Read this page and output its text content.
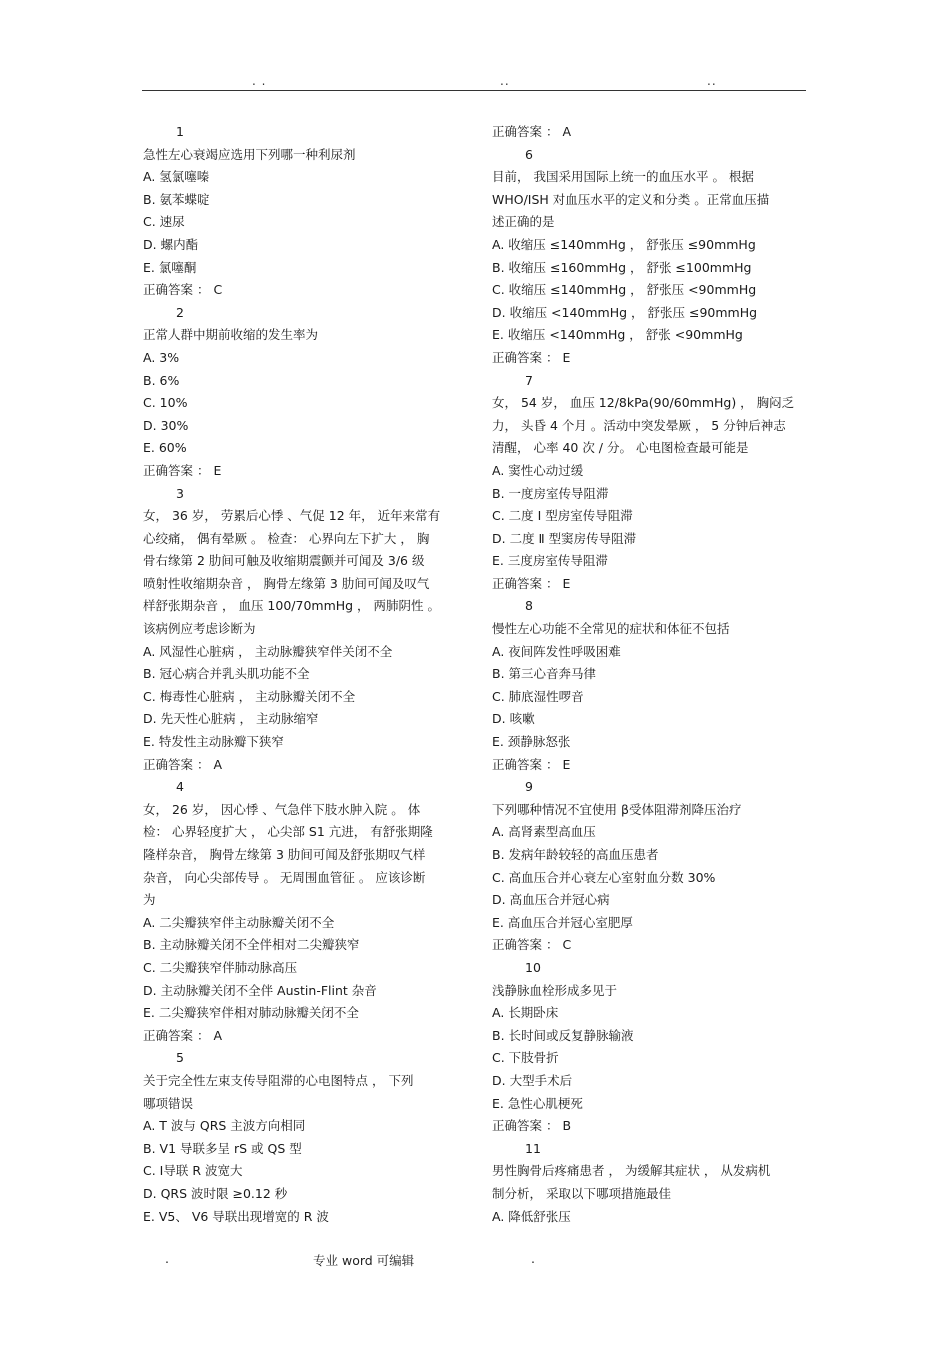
. .	..	..
1
急性左心衰竭应选用下列哪一种利尿剂
A. 氢氯噻嗪
B. 氨苯蝶啶
C. 速尿
D. 螺内酯
E. 氯噻酮
正确答案 ： C
2
正常人群中期前收缩的发生率为
A. 3%
B. 6%
C. 10%
D. 30%
E. 60%
正确答案 ： E
3
女， 36 岁， 劳累后心悸 、气促 12 年， 近年来常有
心绞痛， 偶有晕厥 。 检查： 心界向左下扩大 ， 胸
骨右缘第 2 肋间可触及收缩期震颤并可闻及 3/6 级
喷射性收缩期杂音 ， 胸骨左缘第 3 肋间可闻及叹气
样舒张期杂音 ， 血压 100/70mmHg ， 两肺阴性 。
该病例应考虑诊断为
A. 风湿性心脏病 ， 主动脉瓣狭窄伴关闭不全
B. 冠心病合并乳头肌功能不全
C. 梅毒性心脏病 ， 主动脉瓣关闭不全
D. 先天性心脏病 ， 主动脉缩窄
E. 特发性主动脉瓣下狭窄
正确答案 ： A
4
女， 26 岁， 因心悸 、气急伴下肢水肿入院 。 体
检： 心界轻度扩大 ， 心尖部 S1 亢进， 有舒张期隆
隆样杂音， 胸骨左缘第 3 肋间可闻及舒张期叹气样
杂音， 向心尖部传导 。 无周围血管征 。 应该诊断
为
A. 二尖瓣狭窄伴主动脉瓣关闭不全
B. 主动脉瓣关闭不全伴相对二尖瓣狭窄
C. 二尖瓣狭窄伴肺动脉高压
D. 主动脉瓣关闭不全伴 Austin-Flint 杂音
E. 二尖瓣狭窄伴相对肺动脉瓣关闭不全
正确答案 ： A
5
关于完全性左束支传导阻滞的心电图特点 ， 下列
哪项错误
A. T 波与 QRS 主波方向相同
B. V1 导联多呈 rS 或 QS 型
C. Ⅰ导联 R 波宽大
D. QRS 波时限 ≥0.12 秒
E. V5、 V6 导联出现增宽的 R 波
正确答案 ： A
6
目前， 我国采用国际上统一的血压水平 。 根据
WHO/ISH 对血压水平的定义和分类 。正常血压描
述正确的是
A. 收缩压 ≤140mmHg ， 舒张压 ≤90mmHg
B. 收缩压 ≤160mmHg ， 舒张 ≤100mmHg
C. 收缩压 ≤140mmHg ， 舒张压 <90mmHg
D. 收缩压 <140mmHg ， 舒张压 ≤90mmHg
E. 收缩压 <140mmHg ， 舒张 <90mmHg
正确答案 ： E
7
女， 54 岁， 血压 12/8kPa(90/60mmHg) ， 胸闷乏
力， 头昏 4 个月 。活动中突发晕厥 ， 5 分钟后神志
清醒， 心率 40 次 / 分。 心电图检查最可能是
A. 窦性心动过缓
B. 一度房室传导阻滞
C. 二度 Ⅰ 型房室传导阻滞
D. 二度 Ⅱ 型窦房传导阻滞
E. 三度房室传导阻滞
正确答案 ： E
8
慢性左心功能不全常见的症状和体征不包括
A. 夜间阵发性呼吸困难
B. 第三心音奔马律
C. 肺底湿性啰音
D. 咳嗽
E. 颈静脉怒张
正确答案 ： E
9
下列哪种情况不宜使用 β受体阻滞剂降压治疗
A. 高肾素型高血压
B. 发病年龄较轻的高血压患者
C. 高血压合并心衰左心室射血分数 30%
D. 高血压合并冠心病
E. 高血压合并冠心室肥厚
正确答案 ： C
10
浅静脉血栓形成多见于
A. 长期卧床
B. 长时间或反复静脉输液
C. 下肢骨折
D. 大型手术后
E. 急性心肌梗死
正确答案 ： B
11
男性胸骨后疼痛患者 ， 为缓解其症状 ， 从发病机
制分析， 采取以下哪项措施最佳
A. 降低舒张压
.	专业 word 可编辑	.
